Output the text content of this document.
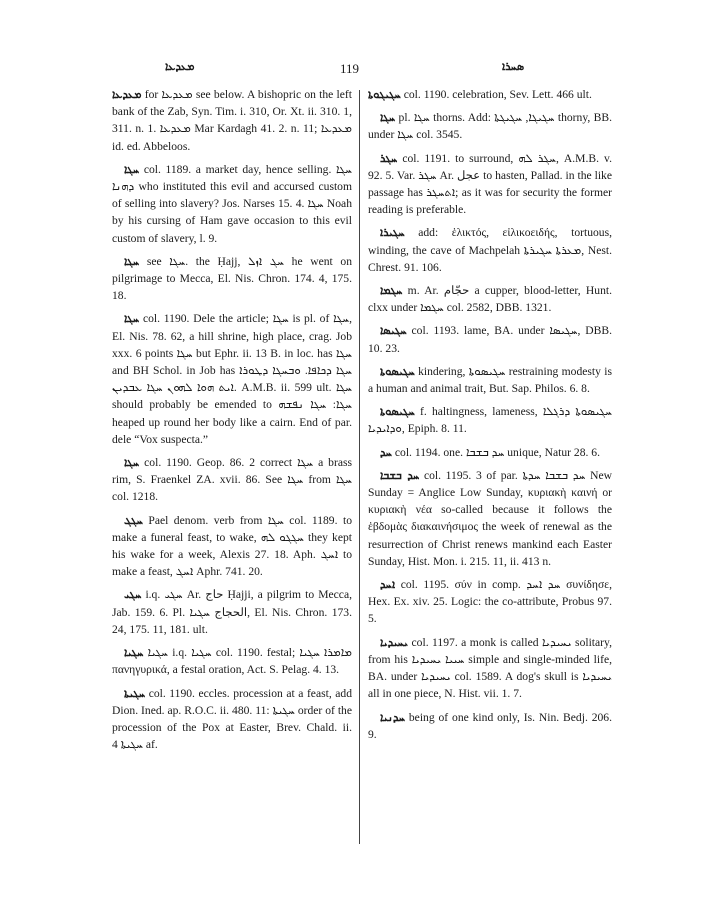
ܡܥܕܥܐ	119	ܣܚܪܐ

ܡܥܕܥܐ for ܡܥܕܥܐ see below. A bishopric on the left bank of the Zab, Syn. Tim. i. 310, Or. Xt. ii. 310. 1, 311. n. 1. ܡܥܕܥܐ Mar Kardagh 41. 2. n. 11; ܡܥܕܥܐ id. ed. Abbeloos.

ܚܓܐ col. 1189. a market day, hence selling. ܚܓܐ ܕܗܢܐ who instituted this evil and accursed custom of selling into slavery? Jos. Narses 15. 4. ܚܓܐ Noah by his cursing of Ham gave occasion to this evil custom of slavery, l. 9.

ܚܓܐ see ܚܓܐ. the Ḥajj, ܚܓ ܐܙܠ he went on pilgrimage to Mecca, El. Nis. Chron. 174. 4, 175. 18.

ܚܓܐ col. 1190. Dele the article; ܚܓܐ is pl. of ܚܓܐ, El. Nis. 78. 62, a hill shrine, high place, crag. Job xxx. 6 points ܚܓܐ but Ephr. ii. 13 B. in loc. has ܚܓܐ and BH Schol. in Job has ܚܓܐ ܕܟܐܦܐ. ܘܒܚܓܐ ܕܛܘܪܐ ܐܝܬ ܗܘܐ ܠܗܘܢ ܚܓܐ ܥܒܕܝܢ. A.M.B. ii. 599 ult. ܚܓܐ should probably be emended to ܚܓܐ: ܚܓܐ ܢܦܫܗ heaped up round her body like a cairn. End of par. dele “Vox suspecta.”

ܚܓܐ col. 1190. Geop. 86. 2 correct ܚܓܐ a brass rim, S. Fraenkel ZA. xvii. 86. See ܚܓܐ from ܚܓܐ col. 1218.

ܚܓܓ Pael denom. verb from ܚܓܐ col. 1189. to make a funeral feast, to wake, ܚܓܓܘ ܠܗ they kept his wake for a week, Alexis 27. 18. Aph. ܐܚܓ to make a feast, ܐܚܓ Aphr. 741. 20.

ܚܓܝ i.q. ܚܓܝ Ar. حاج Ḥajji, a pilgrim to Mecca, Jab. 159. 6. Pl. الحجاج ܚܓܝܐ, El. Nis. Chron. 173. 24, 175. 11, 181. ult.

ܚܓܝܐ ܚܓܝܐ i.q. ܚܓܝܐ col. 1190. festal; ܡܐܡܪܐ ܚܓܝܐ πανηγυρικά, a festal oration, Act. S. Pelag. 4. 13.

ܚܓܝܬܐ col. 1190. eccles. procession at a feast, add Dion. Ined. ap. R.O.C. ii. 480. 11: ܚܓܝܬܐ order of the procession of the Pox at Easter, Brev. Chald. ii. ܚܓܝܬܐ 4 af.

ܚܓܝܓܘܬܐ col. 1190. celebration, Sev. Lett. 466 ult.

ܚܓܐ pl. ܚܓܐ thorns. Add: ܚܓܝܓܐ, ܚܓܝܓܬܐ thorny, BB. under ܚܓܐ col. 3545.

ܚܓܪ col. 1191. to surround, ܚܓܪ ܠܗ, A.M.B. v. 92. 5. Var. ܚܓܪ Ar. عجل to hasten, Pallad. in the like passage has ܐܬܚܓܪ; as it was for security the former reading is preferable.

ܚܓܝܪܐ add: ἑλικτός, εἰλικοειδής, tortuous, winding, the cave of Machpelah ܡܥܪܬܐ ܚܓܝܪܬܐ, Nest. Chrest. 91. 106.

ܚܓܡܐ m. Ar. حجّام a cupper, blood-letter, Hunt. clxx under ܚܓܡܐ col. 2582, DBB. 1321.

ܚܓܝܣܐ col. 1193. lame, BA. under ܚܓܝܣܐ, DBB. 10. 23.

ܚܓܝܣܘܬܐ kindering, ܚܓܝܣܘܬܐ restraining modesty is a human and animal trait, But. Sap. Philos. 6. 8.

ܚܓܝܣܘܬܐ f. haltingness, lameness, ܚܓܝܣܘܬܐ ܕܪܓܠܐ ܘܕܐܝܕܝܐ, Epiph. 8. 11.

ܚܕ col. 1194. one. ܚܕ ܒܫܒܐ unique, Natur 28. 6.

ܚܕ ܒܫܒܐ col. 1195. 3 of par. ܚܕ ܒܫܒܐ ܚܕܬܐ New Sunday = Anglice Low Sunday, κυριακὴ καινή or κυριακὴ νέα so-called because it follows the ἑβδομὰς διακαινήσιμος the week of renewal as the resurrection of Christ renews mankind each Easter Sunday, Hist. Mon. i. 215. 11, ii. 413 n.

ܐܚܕ col. 1195. σύν in comp. ܚܕ ܐܚܕ συνίδησε, Hex. Ex. xiv. 25. Logic: the co-attribute, Probus 97. 5.

ܝܚܝܕܝܐ col. 1197. a monk is called ܝܚܝܕܝܐ solitary, from his ܚܝܝܐ ܝܚܝܕܝܐ simple and single-minded life, BA. under ܝܚܝܕܝܐ col. 1589. A dog's skull is ܝܚܝܕܝܐ all in one piece, N. Hist. vii. 1. 7.

ܚܕܢܝܐ being of one kind only, Is. Nin. Bedj. 206. 9.
